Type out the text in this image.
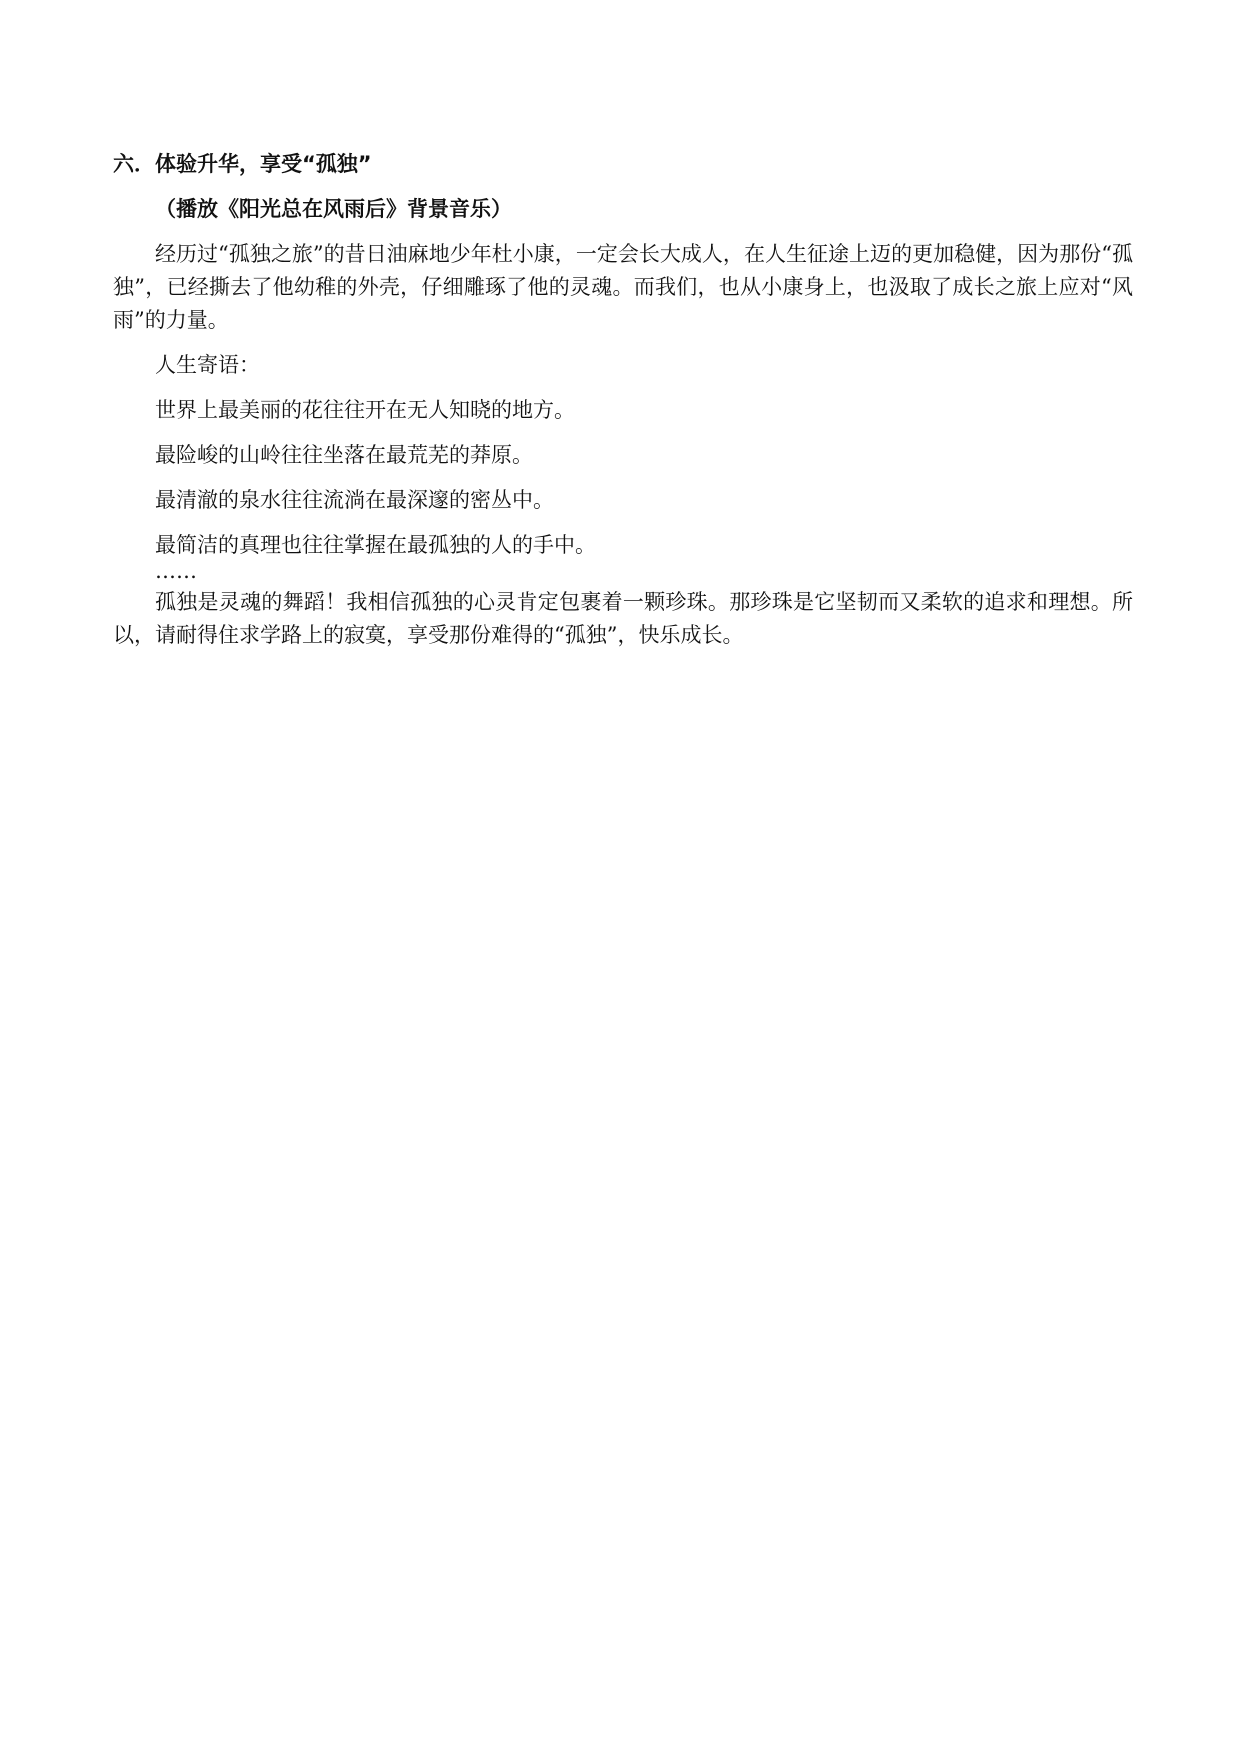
六．体验升华，享受“孤独”
（播放《阳光总在风雨后》背景音乐）

经历过“孤独之旅”的昔日油麻地少年杜小康，一定会长大成人，在人生征途上迈的更加稳健，因为那份“孤独”，已经撕去了他幼稚的外壳，仔细雕琢了他的灵魂。而我们，也从小康身上，也汲取了成长之旅上应对“风雨”的力量。

人生寄语：
世界上最美丽的花往往开在无人知晓的地方。
最险峻的山岭往往坐落在最荒芜的莽原。
最清澈的泉水往往流淌在最深邃的密丛中。
最简洁的真理也往往掌握在最孤独的人的手中。
……

孤独是灵魂的舞蹈！我相信孤独的心灵肯定包裹着一颗珍珠。那珍珠是它坚韧而又柔软的追求和理想。所以，请耐得住求学路上的寂寞，享受那份难得的“孤独”，快乐成长。
